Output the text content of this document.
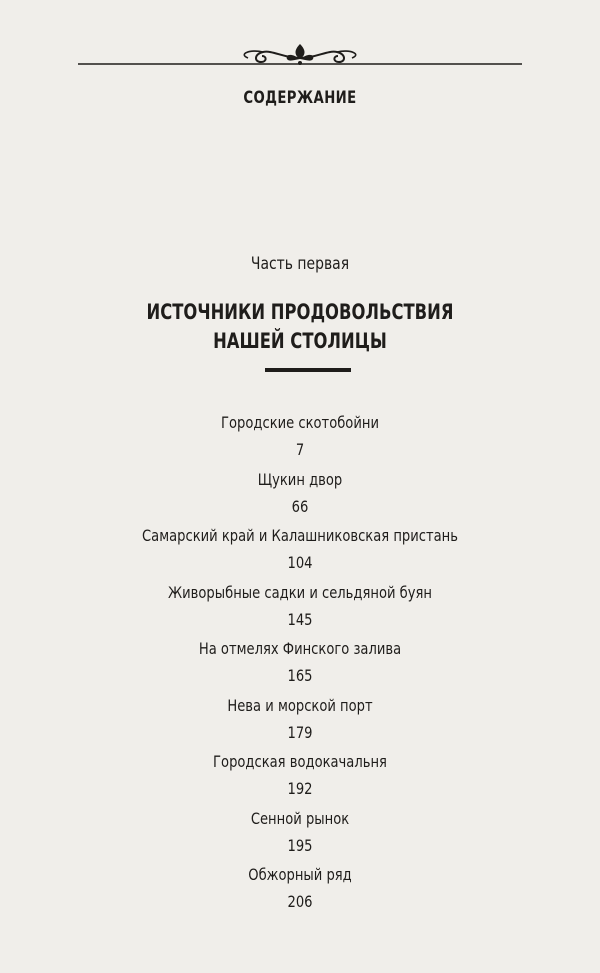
СОДЕРЖАНИЕ
Часть первая
ИСТОЧНИКИ ПРОДОВОЛЬСТВИЯ
НАШЕЙ СТОЛИЦЫ
Городские скотобойни
7
Щукин двор
66
Самарский край и Калашниковская пристань
104
Живорыбные садки и сельдяной буян
145
На отмелях Финского залива
165
Нева и морской порт
179
Городская водокачальня
192
Сенной рынок
195
Обжорный ряд
206
